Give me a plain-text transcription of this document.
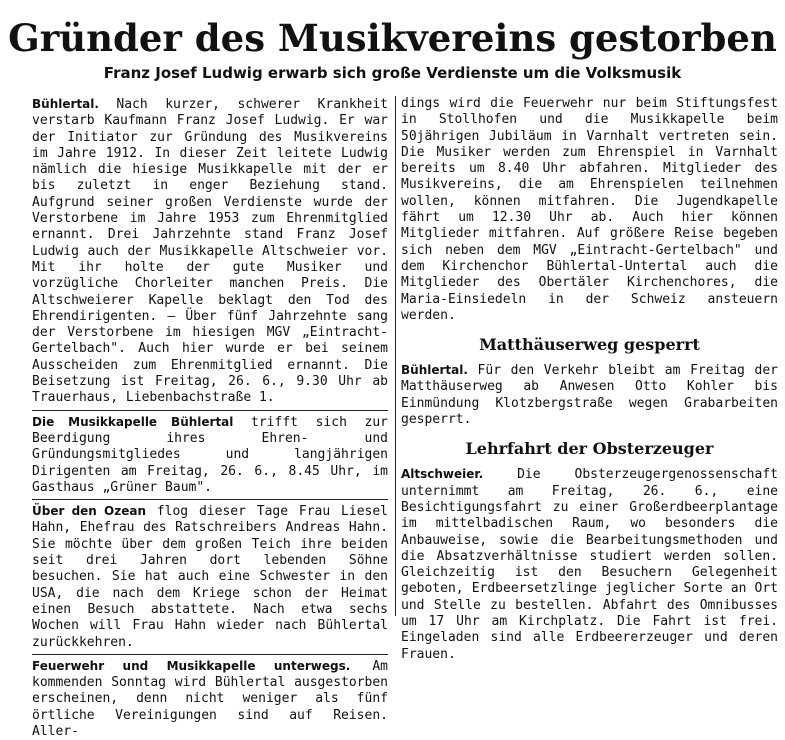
Gründer des Musikvereins gestorben
Franz Josef Ludwig erwarb sich große Verdienste um die Volksmusik

Bühlertal. Nach kurzer, schwerer Krankheit verstarb Kaufmann Franz Josef Ludwig. Er war der Initiator zur Gründung des Musikvereins im Jahre 1912. In dieser Zeit leitete Ludwig nämlich die hiesige Musikkapelle mit der er bis zuletzt in enger Beziehung stand. Aufgrund seiner großen Verdienste wurde der Verstorbene im Jahre 1953 zum Ehrenmitglied ernannt. Drei Jahrzehnte stand Franz Josef Ludwig auch der Musikkapelle Altschweier vor. Mit ihr holte der gute Musiker und vorzügliche Chorleiter manchen Preis. Die Altschweierer Kapelle beklagt den Tod des Ehrendirigenten. — Über fünf Jahrzehnte sang der Verstorbene im hiesigen MGV „Eintracht-Gertelbach". Auch hier wurde er bei seinem Ausscheiden zum Ehrenmitglied ernannt. Die Beisetzung ist Freitag, 26. 6., 9.30 Uhr ab Trauerhaus, Liebenbachstraße 1.

Die Musikkapelle Bühlertal trifft sich zur Beerdigung ihres Ehren- und Gründungsmitgliedes und langjährigen Dirigenten am Freitag, 26. 6., 8.45 Uhr, im Gasthaus „Grüner Baum".

Über den Ozean flog dieser Tage Frau Liesel Hahn, Ehefrau des Ratschreibers Andreas Hahn. Sie möchte über dem großen Teich ihre beiden seit drei Jahren dort lebenden Söhne besuchen. Sie hat auch eine Schwester in den USA, die nach dem Kriege schon der Heimat einen Besuch abstattete. Nach etwa sechs Wochen will Frau Hahn wieder nach Bühlertal zurückkehren.

Feuerwehr und Musikkapelle unterwegs. Am kommenden Sonntag wird Bühlertal ausgestorben erscheinen, denn nicht weniger als fünf örtliche Vereinigungen sind auf Reisen. Aller-

dings wird die Feuerwehr nur beim Stiftungsfest in Stollhofen und die Musikkapelle beim 50jährigen Jubiläum in Varnhalt vertreten sein. Die Musiker werden zum Ehrenspiel in Varnhalt bereits um 8.40 Uhr abfahren. Mitglieder des Musikvereins, die am Ehrenspielen teilnehmen wollen, können mitfahren. Die Jugendkapelle fährt um 12.30 Uhr ab. Auch hier können Mitglieder mitfahren. Auf größere Reise begeben sich neben dem MGV „Eintracht-Gertelbach" und dem Kirchenchor Bühlertal-Untertal auch die Mitglieder des Obertäler Kirchenchores, die Maria-Einsiedeln in der Schweiz ansteuern werden.

Matthäuserweg gesperrt

Bühlertal. Für den Verkehr bleibt am Freitag der Matthäuserweg ab Anwesen Otto Kohler bis Einmündung Klotzbergstraße wegen Grabarbeiten gesperrt.

Lehrfahrt der Obsterzeuger

Altschweier. Die Obsterzeugergenossenschaft unternimmt am Freitag, 26. 6., eine Besichtigungsfahrt zu einer Großerdbeerplantage im mittelbadischen Raum, wo besonders die Anbauweise, sowie die Bearbeitungsmethoden und die Absatzverhältnisse studiert werden sollen. Gleichzeitig ist den Besuchern Gelegenheit geboten, Erdbeersetzlinge jeglicher Sorte an Ort und Stelle zu bestellen. Abfahrt des Omnibusses um 17 Uhr am Kirchplatz. Die Fahrt ist frei. Eingeladen sind alle Erdbeererzeuger und deren Frauen.
